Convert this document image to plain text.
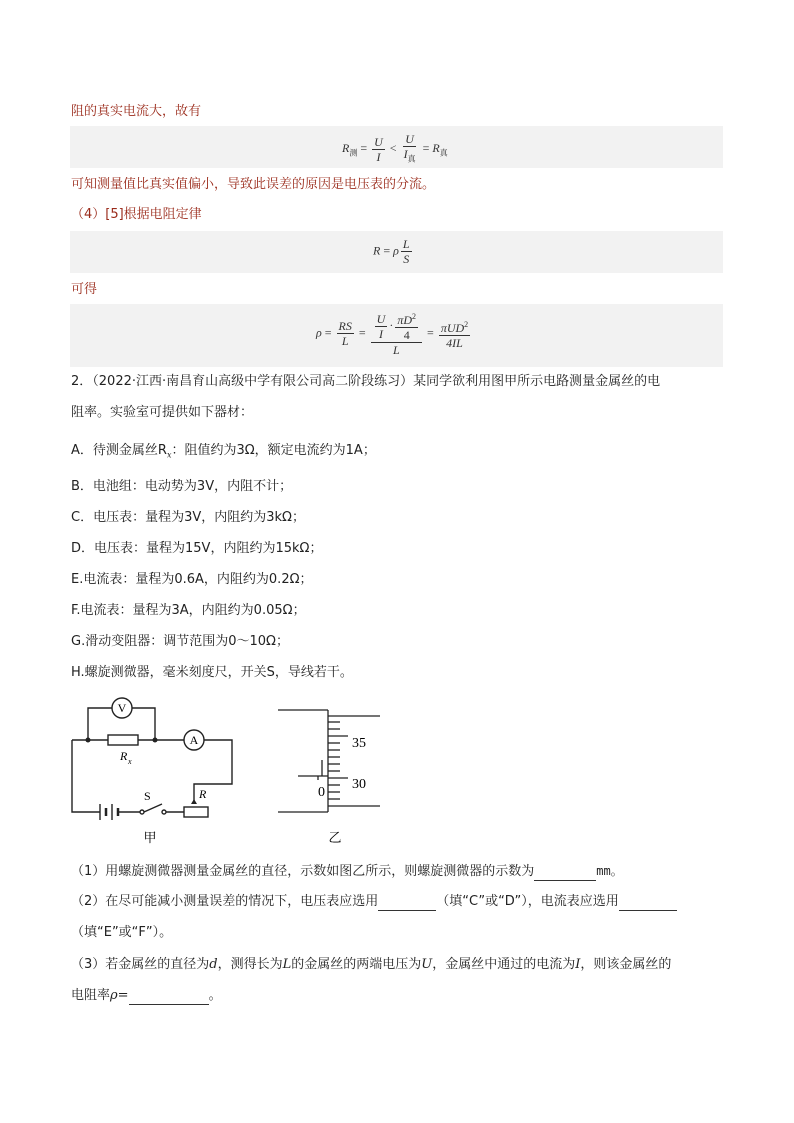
阻的真实电流大，故有
$R_测 = \frac{U}{I} < \frac{U}{I_真} = R_真$
可知测量值比真实值偏小，导致此误差的原因是电压表的分流。
（4）[5]根据电阻定律
R = ρ $\frac{L}{S}$
可得
$\rho = \frac{RS}{L} = \frac{\frac{U}{I} \cdot \frac{\pi D^2}{4}}{L} = \frac{\pi UD^2}{4IL}$
2．（2022·江西·南昌育山高级中学有限公司高二阶段练习）某同学欲利用图甲所示电路测量金属丝的电
阻率。实验室可提供如下器材：
A．待测金属丝$R_x$：阻值约为3Ω，额定电流约为1A；
B．电池组：电动势为3V，内阻不计；
C．电压表：量程为3V，内阻约为3kΩ；
D．电压表：量程为15V，内阻约为15kΩ；
E.电流表：量程为0.6A，内阻约为0.2Ω；
F.电流表：量程为3A，内阻约为0.05Ω；
G.滑动变阻器：调节范围为0～10Ω；
H.螺旋测微器，毫米刻度尺，开关S，导线若干。
V
A
R x
S	R
甲
35
30
0
乙
（1）用螺旋测微器测量金属丝的直径，示数如图乙所示，则螺旋测微器的示数为	mm。
（2）在尽可能减小测量误差的情况下，电压表应选用	（填“C”或“D”），电流表应选用
（填“E”或“F”）。
（3）若金属丝的直径为d，测得长为L的金属丝的两端电压为U，金属丝中通过的电流为I，则该金属丝的
电阻率ρ=	。
